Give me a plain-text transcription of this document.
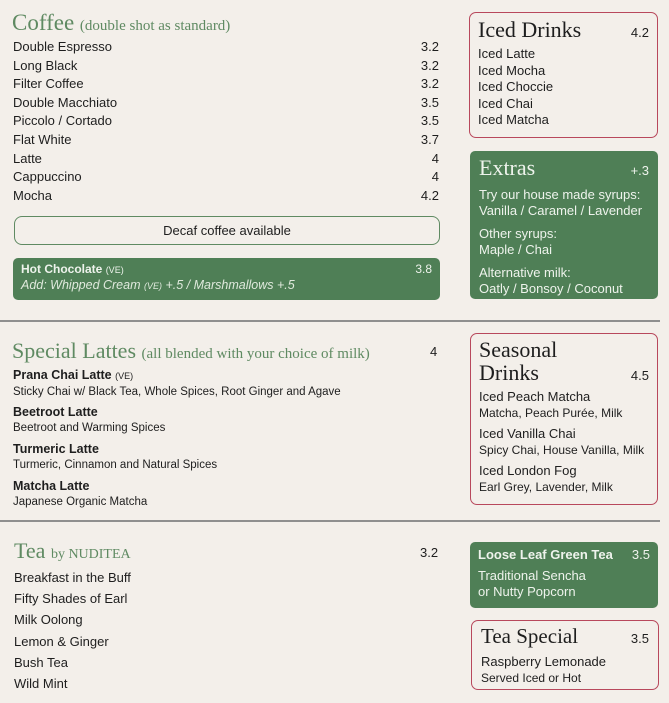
Coffee (double shot as standard)
Double Espresso	3.2
Long Black	3.2
Filter Coffee	3.2
Double Macchiato	3.5
Piccolo / Cortado	3.5
Flat White	3.7
Latte	4
Cappuccino	4
Mocha	4.2
Decaf coffee available
Hot Chocolate (VE)	3.8
Add: Whipped Cream (VE) +.5 / Marshmallows +.5
Iced Drinks	4.2
Iced Latte
Iced Mocha
Iced Choccie
Iced Chai
Iced Matcha
Extras	+.3

Try our house made syrups:

Vanilla / Caramel / Lavender

Other syrups:

Maple / Chai

Alternative milk:

Oatly / Bonsoy / Coconut

Special Lattes (all blended with your choice of milk)	4
Prana Chai Latte (VE)
Sticky Chai w/ Black Tea, Whole Spices, Root Ginger and Agave
Beetroot Latte
Beetroot and Warming Spices
Turmeric Latte
Turmeric, Cinnamon and Natural Spices
Matcha Latte
Japanese Organic Matcha
Seasonal
Drinks	4.5
Iced Peach Matcha
Matcha, Peach Purée, Milk
Iced Vanilla Chai
Spicy Chai, House Vanilla, Milk
Iced London Fog
Earl Grey, Lavender, Milk
Tea by NUDITEA	3.2
Breakfast in the Buff
Fifty Shades of Earl
Milk Oolong
Lemon & Ginger
Bush Tea
Wild Mint
Loose Leaf Green Tea 3.5
Traditional Sencha
or Nutty Popcorn
Tea Special	3.5
Raspberry Lemonade
Served Iced or Hot
